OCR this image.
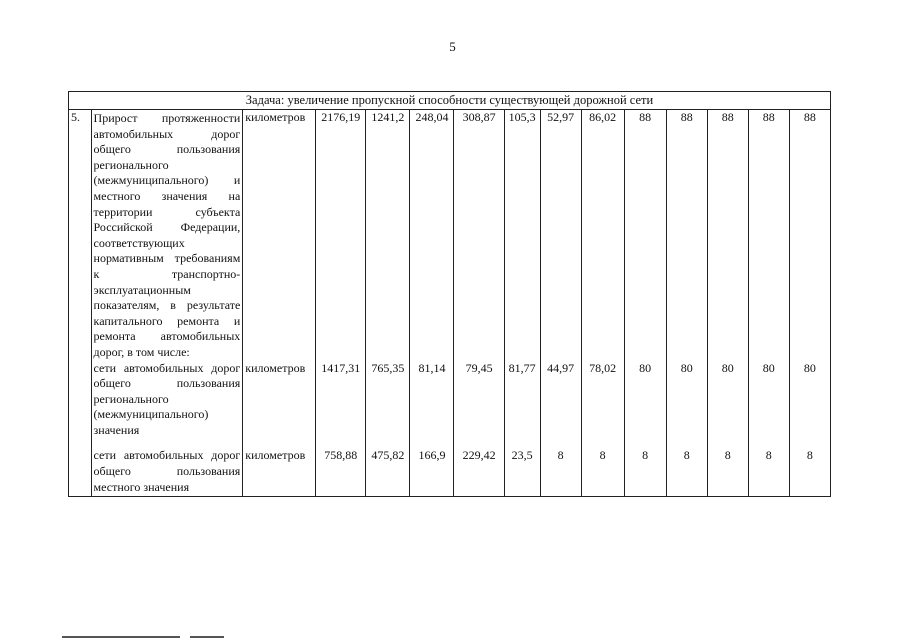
5
Задача: увеличение пропускной способности существующей дорожной сети														
5.	Прирост протяженности автомобильных дорог общего пользования регионального (межмуниципального) и местного значения на территории субъекта Российской Федерации, соответствующих нормативным требованиям к транспортно-эксплуатационным показателям, в результате капитального ремонта и ремонта автомобильных дорог, в том числе:	километров	2176,19	1241,2	248,04	308,87	105,3	52,97	86,02	88	88	88	88	88
	сети автомобильных дорог общего пользования регионального (межмуниципального) значения	километров	1417,31	765,35	81,14	79,45	81,77	44,97	78,02	80	80	80	80	80
	сети автомобильных дорог общего пользования местного значения	километров	758,88	475,82	166,9	229,42	23,5	8	8	8	8	8	8	8
